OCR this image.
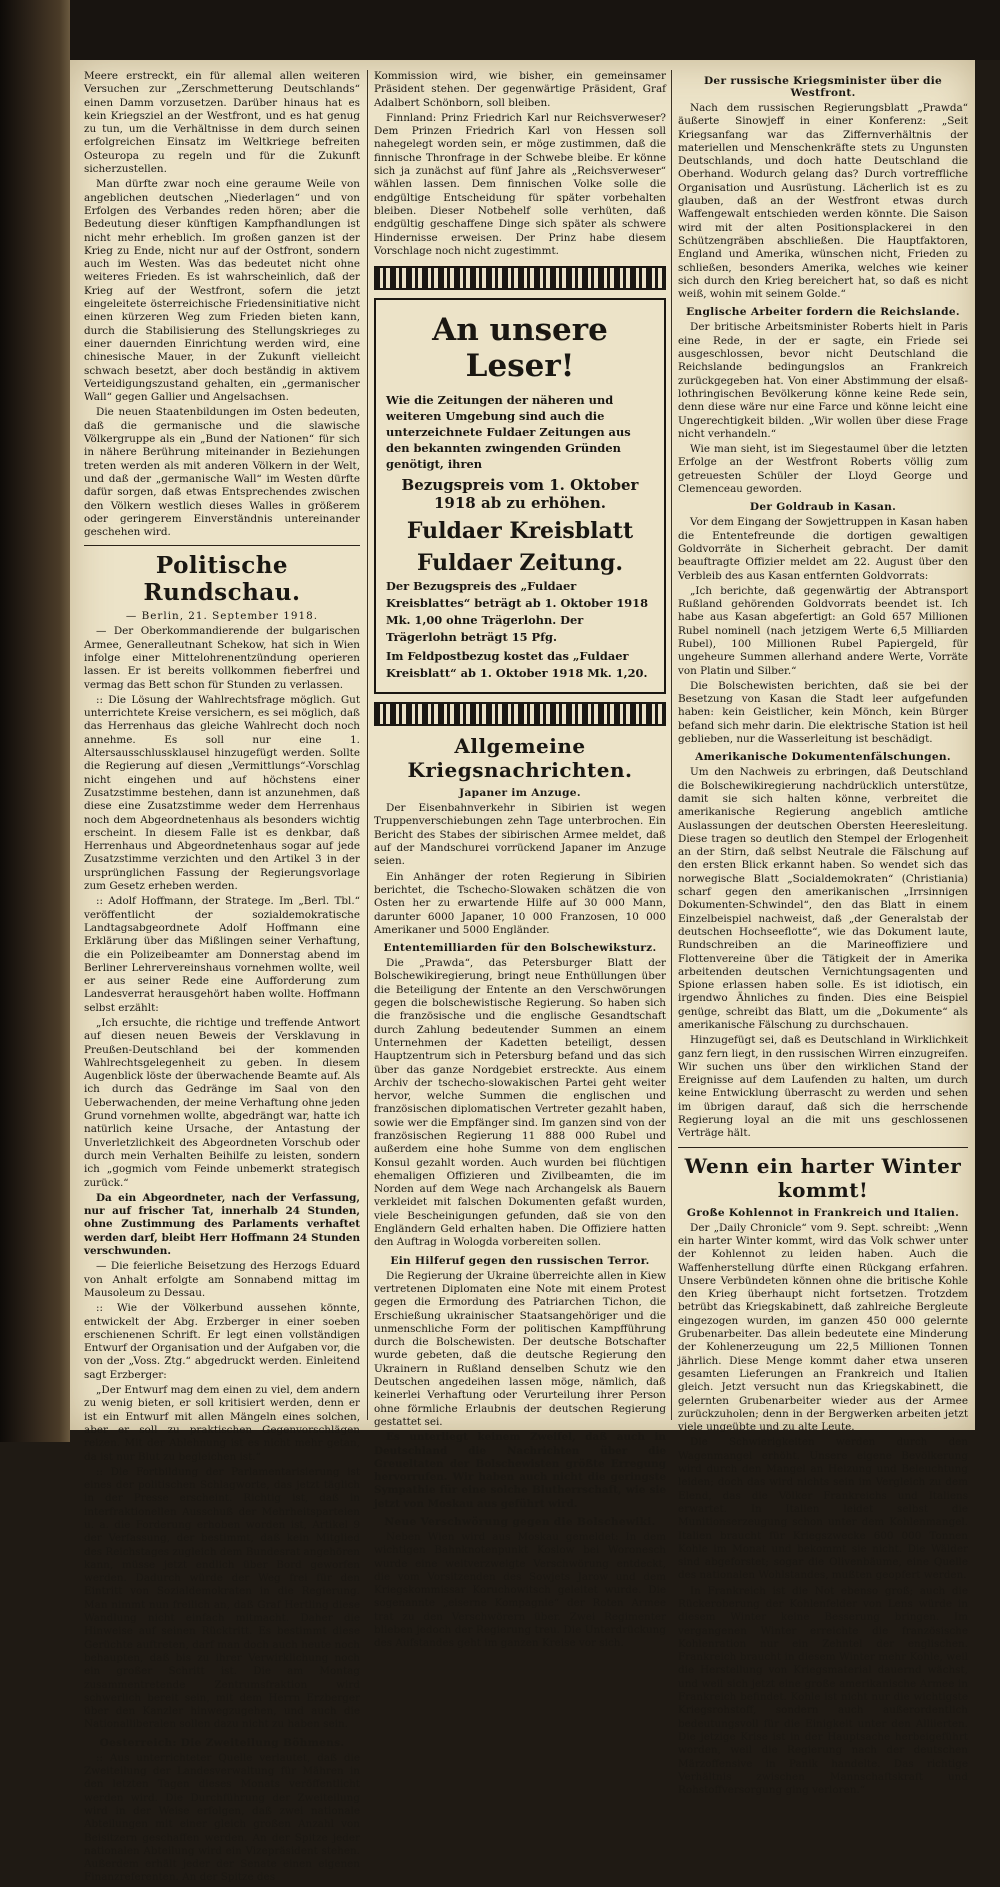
Meere erstreckt, ein für allemal allen weiteren Versuchen zur „Zerschmetterung Deutschlands“ einen Damm vorzusetzen. Darüber hinaus hat es kein Kriegsziel an der Westfront, und es hat genug zu tun, um die Verhältnisse in dem durch seinen erfolgreichen Einsatz im Weltkriege befreiten Osteuropa zu regeln und für die Zukunft sicherzustellen.

Man dürfte zwar noch eine geraume Weile von angeblichen deutschen „Niederlagen“ und von Erfolgen des Verbandes reden hören; aber die Bedeutung dieser künftigen Kampfhandlungen ist nicht mehr erheblich. Im großen ganzen ist der Krieg zu Ende, nicht nur auf der Ostfront, sondern auch im Westen. Was das bedeutet nicht ohne weiteres Frieden. Es ist wahrscheinlich, daß der Krieg auf der Westfront, sofern die jetzt eingeleitete österreichische Friedensinitiative nicht einen kürzeren Weg zum Frieden bieten kann, durch die Stabilisierung des Stellungskrieges zu einer dauernden Einrichtung werden wird, eine chinesische Mauer, in der Zukunft vielleicht schwach besetzt, aber doch beständig in aktivem Verteidigungszustand gehalten, ein „germanischer Wall“ gegen Gallier und Angelsachsen.

Die neuen Staatenbildungen im Osten bedeuten, daß die germanische und die slawische Völkergruppe als ein „Bund der Nationen“ für sich in nähere Berührung miteinander in Beziehungen treten werden als mit anderen Völkern in der Welt, und daß der „germanische Wall“ im Westen dürfte dafür sorgen, daß etwas Entsprechendes zwischen den Völkern westlich dieses Walles in größerem oder geringerem Einverständnis untereinander geschehen wird.

Politische Rundschau.
— Berlin, 21. September 1918.

— Der Oberkommandierende der bulgarischen Armee, Generalleutnant Schekow, hat sich in Wien infolge einer Mittelohrenentzündung operieren lassen. Er ist bereits vollkommen fieberfrei und vermag das Bett schon für Stunden zu verlassen.

:: Die Lösung der Wahlrechtsfrage möglich. Gut unterrichtete Kreise versichern, es sei möglich, daß das Herrenhaus das gleiche Wahlrecht doch noch annehme. Es soll nur eine 1. Altersausschlussklausel hinzugefügt werden. Sollte die Regierung auf diesen „Vermittlungs“-Vorschlag nicht eingehen und auf höchstens einer Zusatzstimme bestehen, dann ist anzunehmen, daß diese eine Zusatzstimme weder dem Herrenhaus noch dem Abgeordnetenhaus als besonders wichtig erscheint. In diesem Falle ist es denkbar, daß Herrenhaus und Abgeordnetenhaus sogar auf jede Zusatzstimme verzichten und den Artikel 3 in der ursprünglichen Fassung der Regierungsvorlage zum Gesetz erheben werden.

:: Adolf Hoffmann, der Stratege. Im „Berl. Tbl.“ veröffentlicht der sozialdemokratische Landtagsabgeordnete Adolf Hoffmann eine Erklärung über das Mißlingen seiner Verhaftung, die ein Polizeibeamter am Donnerstag abend im Berliner Lehrervereinshaus vornehmen wollte, weil er aus seiner Rede eine Aufforderung zum Landesverrat herausgehört haben wollte. Hoffmann selbst erzählt:

„Ich ersuchte, die richtige und treffende Antwort auf diesen neuen Beweis der Versklavung in Preußen-Deutschland bei der kommenden Wahlrechtsgelegenheit zu geben. In diesem Augenblick löste der überwachende Beamte auf. Als ich durch das Gedränge im Saal von den Ueberwachenden, der meine Verhaftung ohne jeden Grund vornehmen wollte, abgedrängt war, hatte ich natürlich keine Ursache, der Antastung der Unverletzlichkeit des Abgeordneten Vorschub oder durch mein Verhalten Beihilfe zu leisten, sondern ich „gogmich vom Feinde unbemerkt strategisch zurück.“

Da ein Abgeordneter, nach der Verfassung, nur auf frischer Tat, innerhalb 24 Stunden, ohne Zustimmung des Parlaments verhaftet werden darf, bleibt Herr Hoffmann 24 Stunden verschwunden.

— Die feierliche Beisetzung des Herzogs Eduard von Anhalt erfolgte am Sonnabend mittag im Mausoleum zu Dessau.

:: Wie der Völkerbund aussehen könnte, entwickelt der Abg. Erzberger in einer soeben erschienenen Schrift. Er legt einen vollständigen Entwurf der Organisation und der Aufgaben vor, die von der „Voss. Ztg.“ abgedruckt werden. Einleitend sagt Erzberger:

„Der Entwurf mag dem einen zu viel, dem andern zu wenig bieten, er soll kritisiert werden, denn er ist ein Entwurf mit allen Mängeln eines solchen, aber er soll zu praktischen Gegenvorschlägen reizen. Mit der Ablehnung ist es nicht mehr getan, da ist nur Blut zu begleichen ist.“

:: Die Fortbildung der Parlamentarisierung ist eines der politischen Schlagworte, das jetzt täglich in der Presse erscheint. Richtig ist, daß in interfraktionellen Ausschuß der Mehrheitsparteien u. a. die Forderung erhoben worden ist, Artikel 9 der Verfassung, der bestimmt, daß kein Mitglied des Reichstages zugleich dem Bundesrat angehören kann, müsse jetzt endlich über Bord geworfen werden. Dadurch würde der Weg frei für den Eintritt von Sozialdemokraten in die Regierung. Man nimmt nun freilich an, daß Graf Hertling diese Wandlung nicht einfach mitmacht. Daher die Hinweise auf seinen Rücktritt. Es bestimmt diese Gerüchte auftreten, darf man doch auch heute noch behaupten, daß bis zu ihrer Verwirklichung noch ein großer Schritt ist. Die am Montag zusammentretende Zentrumsfraktion wird schwerlich bereit sein, mit dem Herrn Erzberger über den Kanzler hinwegzugehen, und auch die Nationalliberalen sollen dazu nicht zu haben sein.

Oesterreich: Die Zweiteilung Böhmens.

:: Aus unterrichteter Quelle verlautet, daß die Zweiteilung der Landesverwaltung für Mähren in den letzten Tagen dieses Monats veröffentlicht werden wird. Die Durchführung der Zweiteilung wird in der Weise erfolgen, daß zwei nationale Abteilungen mit einer gleich großen Anzahl von Beisitzern geschaffen werden. An der Spitze jeder nationalen Abteilung wird ein Vizepräsident stehen. Außerdem erhält jeder der Senate einen eigenen Finanzreferenten. An der Spitze des

Kommission wird, wie bisher, ein gemeinsamer Präsident stehen. Der gegenwärtige Präsident, Graf Adalbert Schönborn, soll bleiben.

Finnland: Prinz Friedrich Karl nur Reichsverweser? Dem Prinzen Friedrich Karl von Hessen soll nahegelegt worden sein, er möge zustimmen, daß die finnische Thronfrage in der Schwebe bleibe. Er könne sich ja zunächst auf fünf Jahre als „Reichsverweser“ wählen lassen. Dem finnischen Volke solle die endgültige Entscheidung für später vorbehalten bleiben. Dieser Notbehelf solle verhüten, daß endgültig geschaffene Dinge sich später als schwere Hindernisse erweisen. Der Prinz habe diesem Vorschlage noch nicht zugestimmt.

An unsere Leser!

Wie die Zeitungen der näheren und weiteren Umgebung sind auch die unterzeichnete Fuldaer Zeitungen aus den bekannten zwingenden Gründen genötigt, ihren

Bezugspreis vom 1. Oktober 1918 ab zu erhöhen.
Fuldaer Kreisblatt
Fuldaer Zeitung.

Der Bezugspreis des „Fuldaer Kreisblattes“ beträgt ab 1. Oktober 1918 Mk. 1,00 ohne Trägerlohn. Der Trägerlohn beträgt 15 Pfg.

Im Feldpostbezug kostet das „Fuldaer Kreisblatt“ ab 1. Oktober 1918 Mk. 1,20.

Allgemeine Kriegsnachrichten.
Japaner im Anzuge.

Der Eisenbahnverkehr in Sibirien ist wegen Truppenverschiebungen zehn Tage unterbrochen. Ein Bericht des Stabes der sibirischen Armee meldet, daß auf der Mandschurei vorrückend Japaner im Anzuge seien.

Ein Anhänger der roten Regierung in Sibirien berichtet, die Tschecho-Slowaken schätzen die von Osten her zu erwartende Hilfe auf 30 000 Mann, darunter 6000 Japaner, 10 000 Franzosen, 10 000 Amerikaner und 5000 Engländer.

Ententemilliarden für den Bolschewiksturz.

Die „Prawda“, das Petersburger Blatt der Bolschewikiregierung, bringt neue Enthüllungen über die Beteiligung der Entente an den Verschwörungen gegen die bolschewistische Regierung. So haben sich die französische und die englische Gesandtschaft durch Zahlung bedeutender Summen an einem Unternehmen der Kadetten beteiligt, dessen Hauptzentrum sich in Petersburg befand und das sich über das ganze Nordgebiet erstreckte. Aus einem Archiv der tschecho-slowakischen Partei geht weiter hervor, welche Summen die englischen und französischen diplomatischen Vertreter gezahlt haben, sowie wer die Empfänger sind. Im ganzen sind von der französischen Regierung 11 888 000 Rubel und außerdem eine hohe Summe von dem englischen Konsul gezahlt worden. Auch wurden bei flüchtigen ehemaligen Offizieren und Zivilbeamten, die im Norden auf dem Wege nach Archangelsk als Bauern verkleidet mit falschen Dokumenten gefaßt wurden, viele Bescheinigungen gefunden, daß sie von den Engländern Geld erhalten haben. Die Offiziere hatten den Auftrag in Wologda vorbereiten sollen.

Ein Hilferuf gegen den russischen Terror.

Die Regierung der Ukraine überreichte allen in Kiew vertretenen Diplomaten eine Note mit einem Protest gegen die Ermordung des Patriarchen Tichon, die Erschießung ukrainischer Staatsangehöriger und die unmenschliche Form der politischen Kampfführung durch die Bolschewisten. Der deutsche Botschafter wurde gebeten, daß die deutsche Regierung den Ukrainern in Rußland denselben Schutz wie den Deutschen angedeihen lassen möge, nämlich, daß keinerlei Verhaftung oder Verurteilung ihrer Person ohne förmliche Erlaubnis der deutschen Regierung gestattet sei.

Es unterliegt keinem Zweifel, daß auch in Deutschland die Nachrichten über die Greueltaten der Bolschewisten größte Erregung hervorrufen. Wir haben auch nicht die geringste Sympathie für eine solche Blutherrschaft, wie sie jetzt von Moskau aus geführt wird.

Neue Verschwörung gegen die Bolschewiki.

Neben Wien wird aus Moskau gemeldet: In dem wichtigen Bahnknotenpunkt Koslow bei Woronesch wurde eine weitverzweigte Verschwörung entdeckt, die vom Vorsitzenden des Sowjets Jarow und dem Kriegskommissar Koruchowitsch geleitet wurde. Die sogenannte „eiserne Kompagnie“ der Roten Armee trat zu den Verschwörern über. Zwei Regimenter blieben jedoch der Regierung treu. Die Unterdrückung des Aufstandes geht im ganzen Kreise vor sich.

Der russische Kriegsminister über die Westfront.

Nach dem russischen Regierungsblatt „Prawda“ äußerte Sinowjeff in einer Konferenz: „Seit Kriegsanfang war das Ziffernverhältnis der materiellen und Menschenkräfte stets zu Ungunsten Deutschlands, und doch hatte Deutschland die Oberhand. Wodurch gelang das? Durch vortreffliche Organisation und Ausrüstung. Lächerlich ist es zu glauben, daß an der Westfront etwas durch Waffengewalt entschieden werden könnte. Die Saison wird mit der alten Positionsplackerei in den Schützengräben abschließen. Die Hauptfaktoren, England und Amerika, wünschen nicht, Frieden zu schließen, besonders Amerika, welches wie keiner sich durch den Krieg bereichert hat, so daß es nicht weiß, wohin mit seinem Golde.“

Englische Arbeiter fordern die Reichslande.

Der britische Arbeitsminister Roberts hielt in Paris eine Rede, in der er sagte, ein Friede sei ausgeschlossen, bevor nicht Deutschland die Reichslande bedingungslos an Frankreich zurückgegeben hat. Von einer Abstimmung der elsaß-lothringischen Bevölkerung könne keine Rede sein, denn diese wäre nur eine Farce und könne leicht eine Ungerechtigkeit bilden. „Wir wollen über diese Frage nicht verhandeln.“

Wie man sieht, ist im Siegestaumel über die letzten Erfolge an der Westfront Roberts völlig zum getreuesten Schüler der Lloyd George und Clemenceau geworden.

Der Goldraub in Kasan.

Vor dem Eingang der Sowjettruppen in Kasan haben die Ententefreunde die dortigen gewaltigen Goldvorräte in Sicherheit gebracht. Der damit beauftragte Offizier meldet am 22. August über den Verbleib des aus Kasan entfernten Goldvorrats:

„Ich berichte, daß gegenwärtig der Abtransport Rußland gehörenden Goldvorrats beendet ist. Ich habe aus Kasan abgefertigt: an Gold 657 Millionen Rubel nominell (nach jetzigem Werte 6,5 Milliarden Rubel), 100 Millionen Rubel Papiergeld, für ungeheure Summen allerhand andere Werte, Vorräte von Platin und Silber.“

Die Bolschewisten berichten, daß sie bei der Besetzung von Kasan die Stadt leer aufgefunden haben: kein Geistlicher, kein Mönch, kein Bürger befand sich mehr darin. Die elektrische Station ist heil geblieben, nur die Wasserleitung ist beschädigt.

Amerikanische Dokumentenfälschungen.

Um den Nachweis zu erbringen, daß Deutschland die Bolschewikiregierung nachdrücklich unterstütze, damit sie sich halten könne, verbreitet die amerikanische Regierung angeblich amtliche Auslassungen der deutschen Obersten Heeresleitung. Diese tragen so deutlich den Stempel der Erlogenheit an der Stirn, daß selbst Neutrale die Fälschung auf den ersten Blick erkannt haben. So wendet sich das norwegische Blatt „Socialdemokraten“ (Christiania) scharf gegen den amerikanischen „Irrsinnigen Dokumenten-Schwindel“, den das Blatt in einem Einzelbeispiel nachweist, daß „der Generalstab der deutschen Hochseeflotte“, wie das Dokument laute, Rundschreiben an die Marineoffiziere und Flottenvereine über die Tätigkeit der in Amerika arbeitenden deutschen Vernichtungsagenten und Spione erlassen haben solle. Es ist idiotisch, ein irgendwo Ähnliches zu finden. Dies eine Beispiel genüge, schreibt das Blatt, um die „Dokumente“ als amerikanische Fälschung zu durchschauen.

Hinzugefügt sei, daß es Deutschland in Wirklichkeit ganz fern liegt, in den russischen Wirren einzugreifen. Wir suchen uns über den wirklichen Stand der Ereignisse auf dem Laufenden zu halten, um durch keine Entwicklung überrascht zu werden und sehen im übrigen darauf, daß sich die herrschende Regierung loyal an die mit uns geschlossenen Verträge hält.

Wenn ein harter Winter kommt!
Große Kohlennot in Frankreich und Italien.

Der „Daily Chronicle“ vom 9. Sept. schreibt: „Wenn ein harter Winter kommt, wird das Volk schwer unter der Kohlennot zu leiden haben. Auch die Waffenherstellung dürfte einen Rückgang erfahren. Unsere Verbündeten können ohne die britische Kohle den Krieg überhaupt nicht fortsetzen. Trotzdem betrübt das Kriegskabinett, daß zahlreiche Bergleute eingezogen wurden, im ganzen 450 000 gelernte Grubenarbeiter. Das allein bedeutete eine Minderung der Kohlenerzeugung um 22,5 Millionen Tonnen jährlich. Diese Menge kommt daher etwa unseren gesamten Lieferungen an Frankreich und Italien gleich. Jetzt versucht nun das Kriegskabinett, die gelernten Grubenarbeiter wieder aus der Armee zurückzuholen; denn in der Bergwerken arbeiten jetzt viele ungeübte und zu alte Leute.

Die Schwierigkeiten werden durch den Wagenmangel erhöht. Unsere eigene Bevölkerung wird durch den Mangel an Heizung und Beleuchtung leiden; doch das wird nichts sein im Vergleich zu dem Elend, das die Völker Frankreichs und Italiens erwartet. In Italien leidet selbst die Munitionserzeugung schon unter dem Kohlenmangel. Italien braucht für Kriegszwecke 600 000 Tonnen Kohle im Monat und bekommt sie nicht. Die Wälder sind abgeforstet; sogar die Olivenbäume, eine Quelle des nationalen Wohlstandes, mußten geopfert werden.

In Frankreich ist die Not ebenso groß; auch die Rückeroberung der Kohlenfelder von Lens würde in diesem Winter keine Besserung bringen. Im vergangenen Winter erreichte die französische Kohlenration nur ein Zehntel der englischen. Frankreich braucht in diesem Winter mehr Kohle, weil die Herstellung von Kriegsmaterial dauernd wächst, und weil sich jetzt eine große amerikanische Armee in Frankreich befindet. Kohle ist nicht nur die wichtigste Kriegsrohstoff, sondern auch außerordentlich bedeutungsvoll für die Einigkeit unter den Alliierten. Die jetzige Krise ist in der Hauptsache herbeigeführt worden, weil die Regierung nach der deutschen Märzoffensive in Panik handelte. Das richtige Verhältnis zwischen Mannschaftskraft und Rohstoffversorgung ging verloren.“
